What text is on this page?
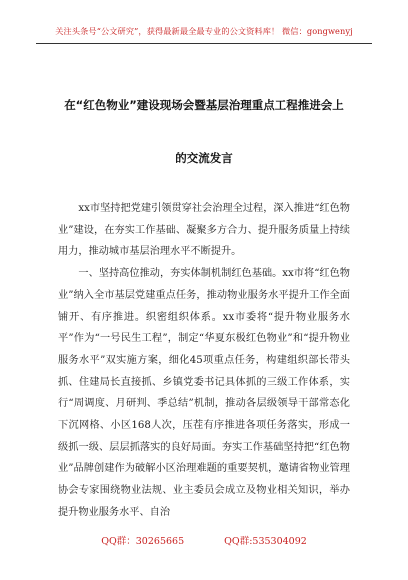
关注头条号“公文研究”，获得最新最全最专业的公文资料库！ 微信：gongwenyj
在“红色物业”建设现场会暨基层治理重点工程推进会上
的交流发言

xx市坚持把党建引领贯穿社会治理全过程，深入推进“红色物业”建设，在夯实工作基础、凝聚多方合力、提升服务质量上持续用力，推动城市基层治理水平不断提升。

一、坚持高位推动，夯实体制机制红色基础。xx市将“红色物业”纳入全市基层党建重点任务，推动物业服务水平提升工作全面铺开、有序推进。织密组织体系。xx市委将“提升物业服务水平”作为“一号民生工程”，制定“华夏东极红色物业”和“提升物业服务水平”双实施方案，细化45项重点任务，构建组织部长带头抓、住建局长直接抓、乡镇党委书记具体抓的三级工作体系，实行“周调度、月研判、季总结”机制，推动各层级领导干部常态化下沉网格、小区168人次，压茬有序推进各项任务落实，形成一级抓一级、层层抓落实的良好局面。夯实工作基础坚持把“红色物业”品牌创建作为破解小区治理难题的重要契机，邀请省物业管理协会专家围绕物业法规、业主委员会成立及物业相关知识，举办提升物业服务水平、自治

QQ群：30265665	QQ群:535304092
